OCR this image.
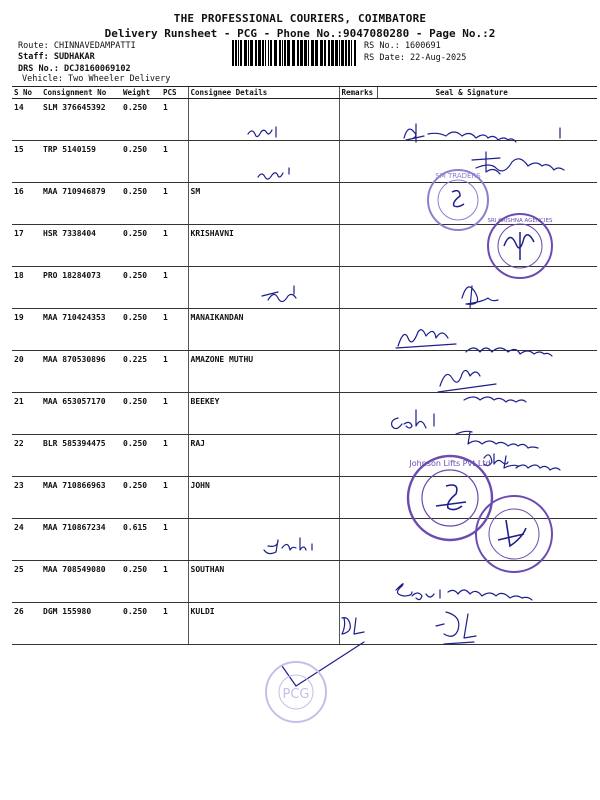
THE PROFESSIONAL COURIERS, COIMBATORE
Delivery Runsheet - PCG - Phone No.:9047080280 - Page No.:2
Route: CHINNAVEDAMPATTI
Staff: SUDHAKAR
DRS No.: DCJ8160069102
Vehicle: Two Wheeler Delivery
RS No.: 1600691
RS Date: 22-Aug-2025
S No	Consignment No	Weight	PCS	Consignee Details	Remarks	Seal & Signature
14	SLM 376645392	0.250	1			
15	TRP 5140159	0.250	1			
16	MAA 710946879	0.250	1	SM		
17	HSR 7338404	0.250	1	KRISHAVNI		
18	PRO 18284073	0.250	1			
19	MAA 710424353	0.250	1	MANAIKANDAN		
20	MAA 870530896	0.225	1	AMAZONE MUTHU		
21	MAA 653057170	0.250	1	BEEKEY		
22	BLR 585394475	0.250	1	RAJ		
23	MAA 710866963	0.250	1	JOHN		
24	MAA 710867234	0.615	1			
25	MAA 708549080	0.250	1	SOUTHAN		
26	DGM 155980	0.250	1	KULDI		
SM TRADERS
SRI KRISHNA AGENCIES
Johnson Lifts Pvt Ltd
PCG
